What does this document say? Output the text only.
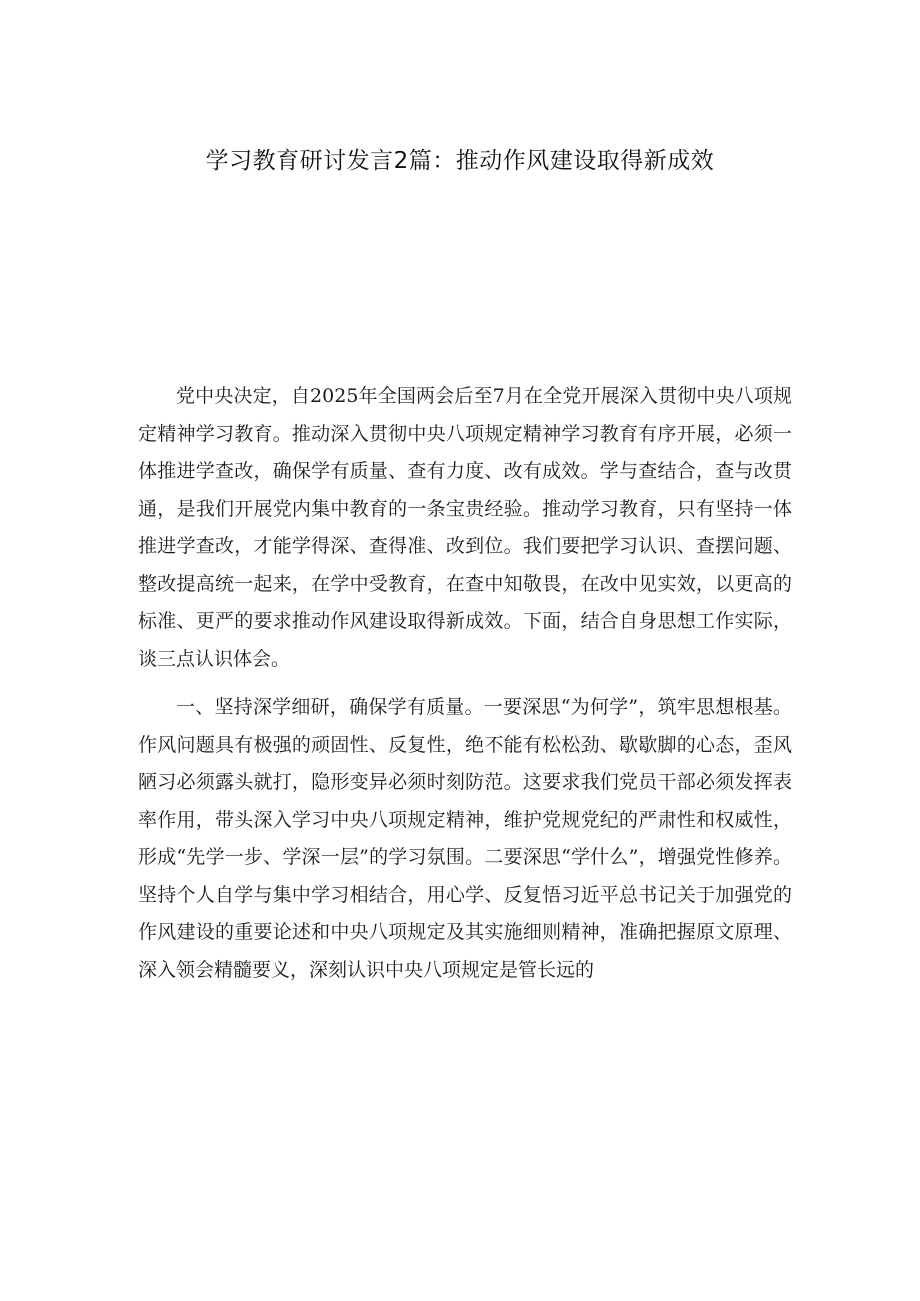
学习教育研讨发言2篇：推动作风建设取得新成效

党中央决定，自2025年全国两会后至7月在全党开展深入贯彻中央八项规定精神学习教育。推动深入贯彻中央八项规定精神学习教育有序开展，必须一体推进学查改，确保学有质量、查有力度、改有成效。学与查结合，查与改贯通，是我们开展党内集中教育的一条宝贵经验。推动学习教育，只有坚持一体推进学查改，才能学得深、查得准、改到位。我们要把学习认识、查摆问题、整改提高统一起来，在学中受教育，在查中知敬畏，在改中见实效，以更高的标准、更严的要求推动作风建设取得新成效。下面，结合自身思想工作实际，谈三点认识体会。

一、坚持深学细研，确保学有质量。一要深思“为何学”，筑牢思想根基。作风问题具有极强的顽固性、反复性，绝不能有松松劲、歇歇脚的心态，歪风陋习必须露头就打，隐形变异必须时刻防范。这要求我们党员干部必须发挥表率作用，带头深入学习中央八项规定精神，维护党规党纪的严肃性和权威性，形成“先学一步、学深一层”的学习氛围。二要深思“学什么”，增强党性修养。坚持个人自学与集中学习相结合，用心学、反复悟习近平总书记关于加强党的作风建设的重要论述和中央八项规定及其实施细则精神，准确把握原文原理、深入领会精髓要义，深刻认识中央八项规定是管长远的
